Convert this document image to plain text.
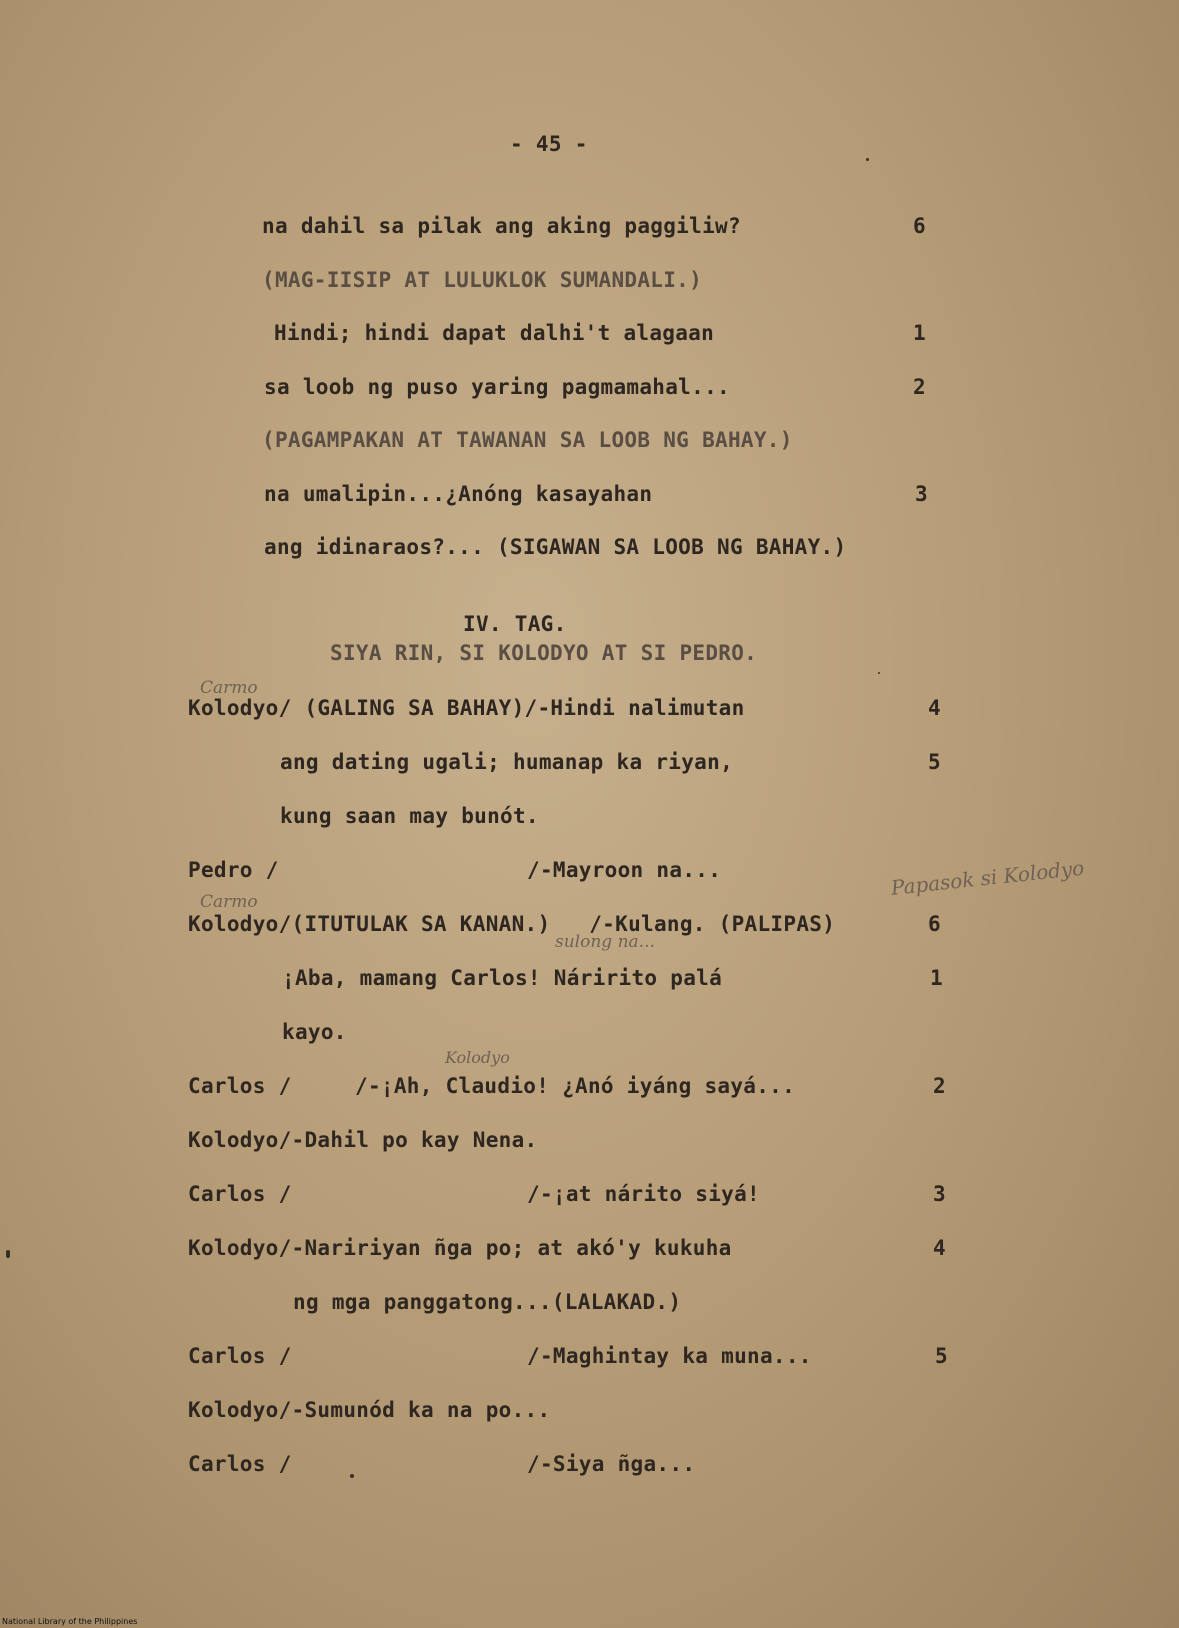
- 45 -
na dahil sa pilak ang aking paggiliw?	6
(MAG-IISIP AT LULUKLOK SUMANDALI.)
Hindi; hindi dapat dalhi't alagaan	1
sa loob ng puso yaring pagmamahal...	2
(PAGAMPAKAN AT TAWANAN SA LOOB NG BAHAY.)
na umalipin...¿Anóng kasayahan	3
ang idinaraos?... (SIGAWAN SA LOOB NG BAHAY.)
IV. TAG.
SIYA RIN, SI KOLODYO AT SI PEDRO.
Kolodyo/ (GALING SA BAHAY)/-Hindi nalimutan	4
ang dating ugali; humanap ka riyan,	5
kung saan may bunót.
Pedro /	/-Mayroon na...
Kolodyo/(ITUTULAK SA KANAN.)   /-Kulang. (PALIPAS)	6
¡Aba, mamang Carlos! Náririto palá	1
kayo.
Carlos /	/-¡Ah, Claudio! ¿Anó iyáng sayá...	2
Kolodyo/-Dahil po kay Nena.
Carlos /	/-¡at nárito siyá!	3
Kolodyo/-Naririyan ñga po; at akó'y kukuha	4
ng mga panggatong...(LALAKAD.)
Carlos /	/-Maghintay ka muna...	5
Kolodyo/-Sumunód ka na po...
Carlos /	/-Siya ñga...
Carmo
Carmo
sulong na...
Kolodyo
Papasok si Kolodyo
National Library of the Philippines
